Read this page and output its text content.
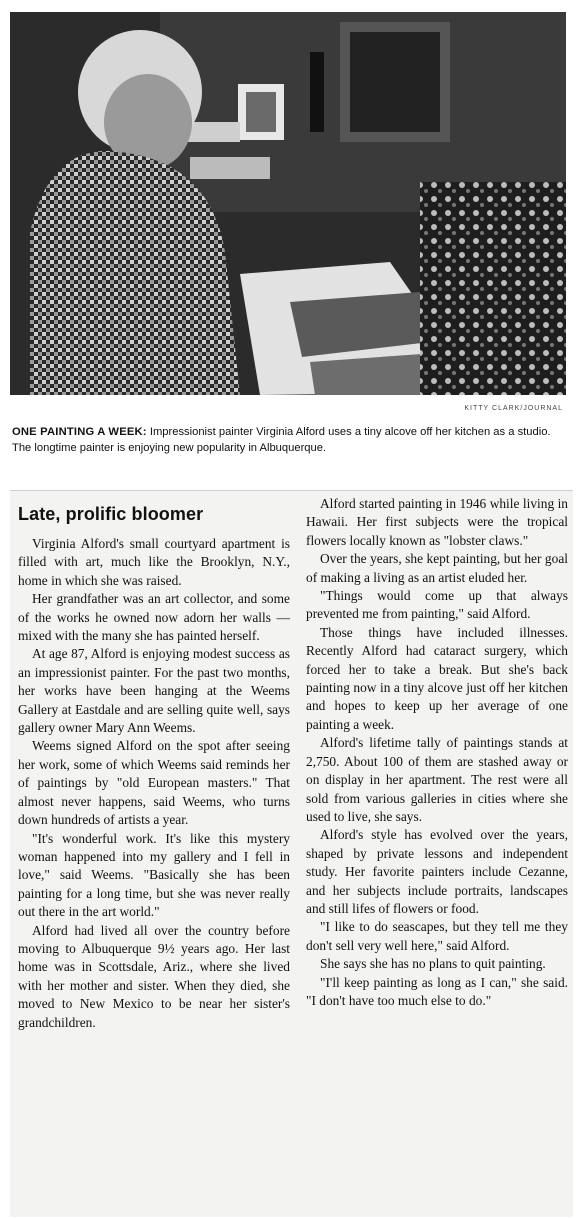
KITTY CLARK/JOURNAL
ONE PAINTING A WEEK: Impressionist painter Virginia Alford uses a tiny alcove off her kitchen as a studio. The longtime painter is enjoying new popularity in Albuquerque.
Late, prolific bloomer

Virginia Alford's small courtyard apartment is filled with art, much like the Brooklyn, N.Y., home in which she was raised.

Her grandfather was an art collector, and some of the works he owned now adorn her walls — mixed with the many she has painted herself.

At age 87, Alford is enjoying modest success as an impressionist painter. For the past two months, her works have been hanging at the Weems Gallery at Eastdale and are selling quite well, says gallery owner Mary Ann Weems.

Weems signed Alford on the spot after seeing her work, some of which Weems said reminds her of paintings by "old European masters." That almost never happens, said Weems, who turns down hundreds of artists a year.

"It's wonderful work. It's like this mystery woman happened into my gallery and I fell in love," said Weems. "Basically she has been painting for a long time, but she was never really out there in the art world."

Alford had lived all over the country before moving to Albuquerque 9½ years ago. Her last home was in Scottsdale, Ariz., where she lived with her mother and sister. When they died, she moved to New Mexico to be near her sister's grandchildren.

Alford started painting in 1946 while living in Hawaii. Her first subjects were the tropical flowers locally known as "lobster claws."

Over the years, she kept painting, but her goal of making a living as an artist eluded her.

"Things would come up that always prevented me from painting," said Alford.

Those things have included illnesses. Recently Alford had cataract surgery, which forced her to take a break. But she's back painting now in a tiny alcove just off her kitchen and hopes to keep up her average of one painting a week.

Alford's lifetime tally of paintings stands at 2,750. About 100 of them are stashed away or on display in her apartment. The rest were all sold from various galleries in cities where she used to live, she says.

Alford's style has evolved over the years, shaped by private lessons and independent study. Her favorite painters include Cezanne, and her subjects include portraits, landscapes and still lifes of flowers or food.

"I like to do seascapes, but they tell me they don't sell very well here," said Alford.

She says she has no plans to quit painting.

"I'll keep painting as long as I can," she said. "I don't have too much else to do."
